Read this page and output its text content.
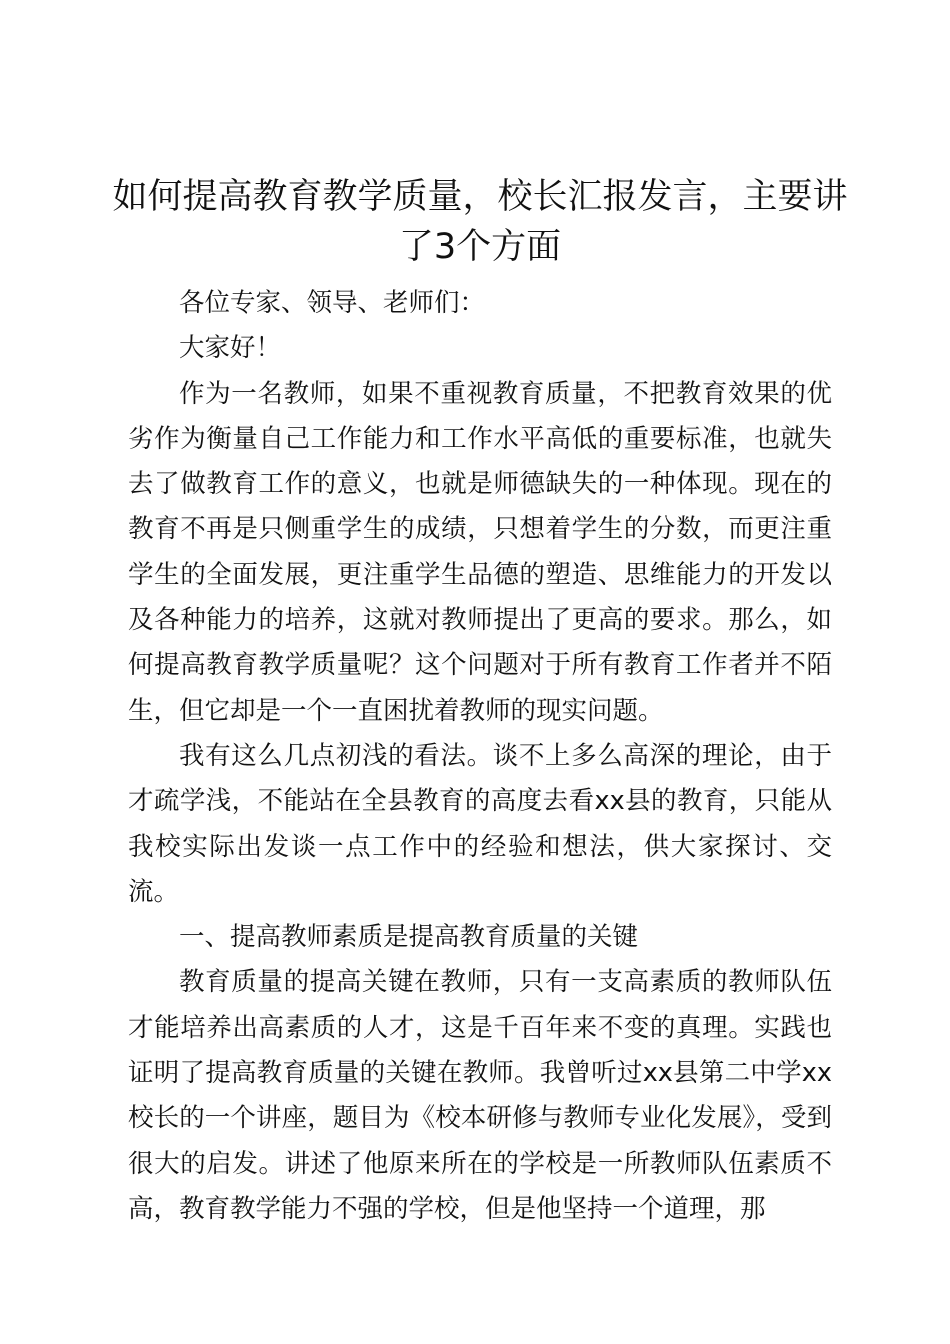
如何提高教育教学质量，校长汇报发言，主要讲了3个方面

各位专家、领导、老师们：

大家好！

作为一名教师，如果不重视教育质量，不把教育效果的优劣作为衡量自己工作能力和工作水平高低的重要标准，也就失去了做教育工作的意义，也就是师德缺失的一种体现。现在的教育不再是只侧重学生的成绩，只想着学生的分数，而更注重学生的全面发展，更注重学生品德的塑造、思维能力的开发以及各种能力的培养，这就对教师提出了更高的要求。那么，如何提高教育教学质量呢？这个问题对于所有教育工作者并不陌生，但它却是一个一直困扰着教师的现实问题。

我有这么几点初浅的看法。谈不上多么高深的理论，由于才疏学浅，不能站在全县教育的高度去看xx县的教育，只能从我校实际出发谈一点工作中的经验和想法，供大家探讨、交流。

一、提高教师素质是提高教育质量的关键

教育质量的提高关键在教师，只有一支高素质的教师队伍才能培养出高素质的人才，这是千百年来不变的真理。实践也证明了提高教育质量的关键在教师。我曾听过xx县第二中学xx校长的一个讲座，题目为《校本研修与教师专业化发展》，受到很大的启发。讲述了他原来所在的学校是一所教师队伍素质不高，教育教学能力不强的学校，但是他坚持一个道理，那
